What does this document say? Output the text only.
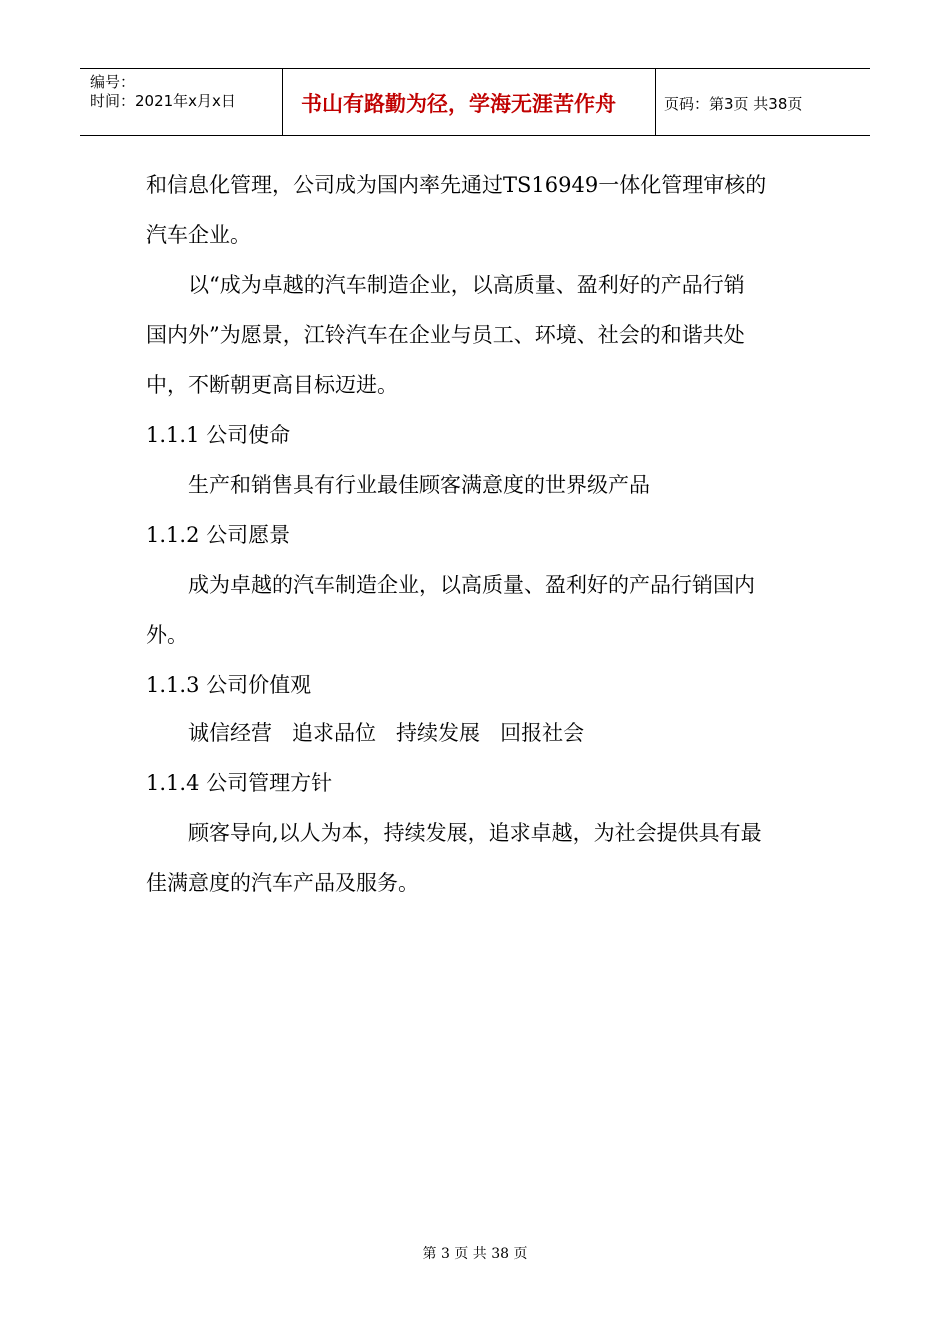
编号：
时间：2021年x月x日	书山有路勤为径，学海无涯苦作舟	页码：第3页 共38页
和信息化管理，公司成为国内率先通过TS16949一体化管理审核的
汽车企业。
以“成为卓越的汽车制造企业，以高质量、盈利好的产品行销
国内外”为愿景，江铃汽车在企业与员工、环境、社会的和谐共处
中，不断朝更高目标迈进。
1.1.1 公司使命
生产和销售具有行业最佳顾客满意度的世界级产品
1.1.2 公司愿景
成为卓越的汽车制造企业，以高质量、盈利好的产品行销国内
外。
1.1.3 公司价值观
诚信经营   追求品位   持续发展   回报社会
1.1.4 公司管理方针
顾客导向,以人为本，持续发展，追求卓越，为社会提供具有最
佳满意度的汽车产品及服务。
第 3 页 共 38 页
